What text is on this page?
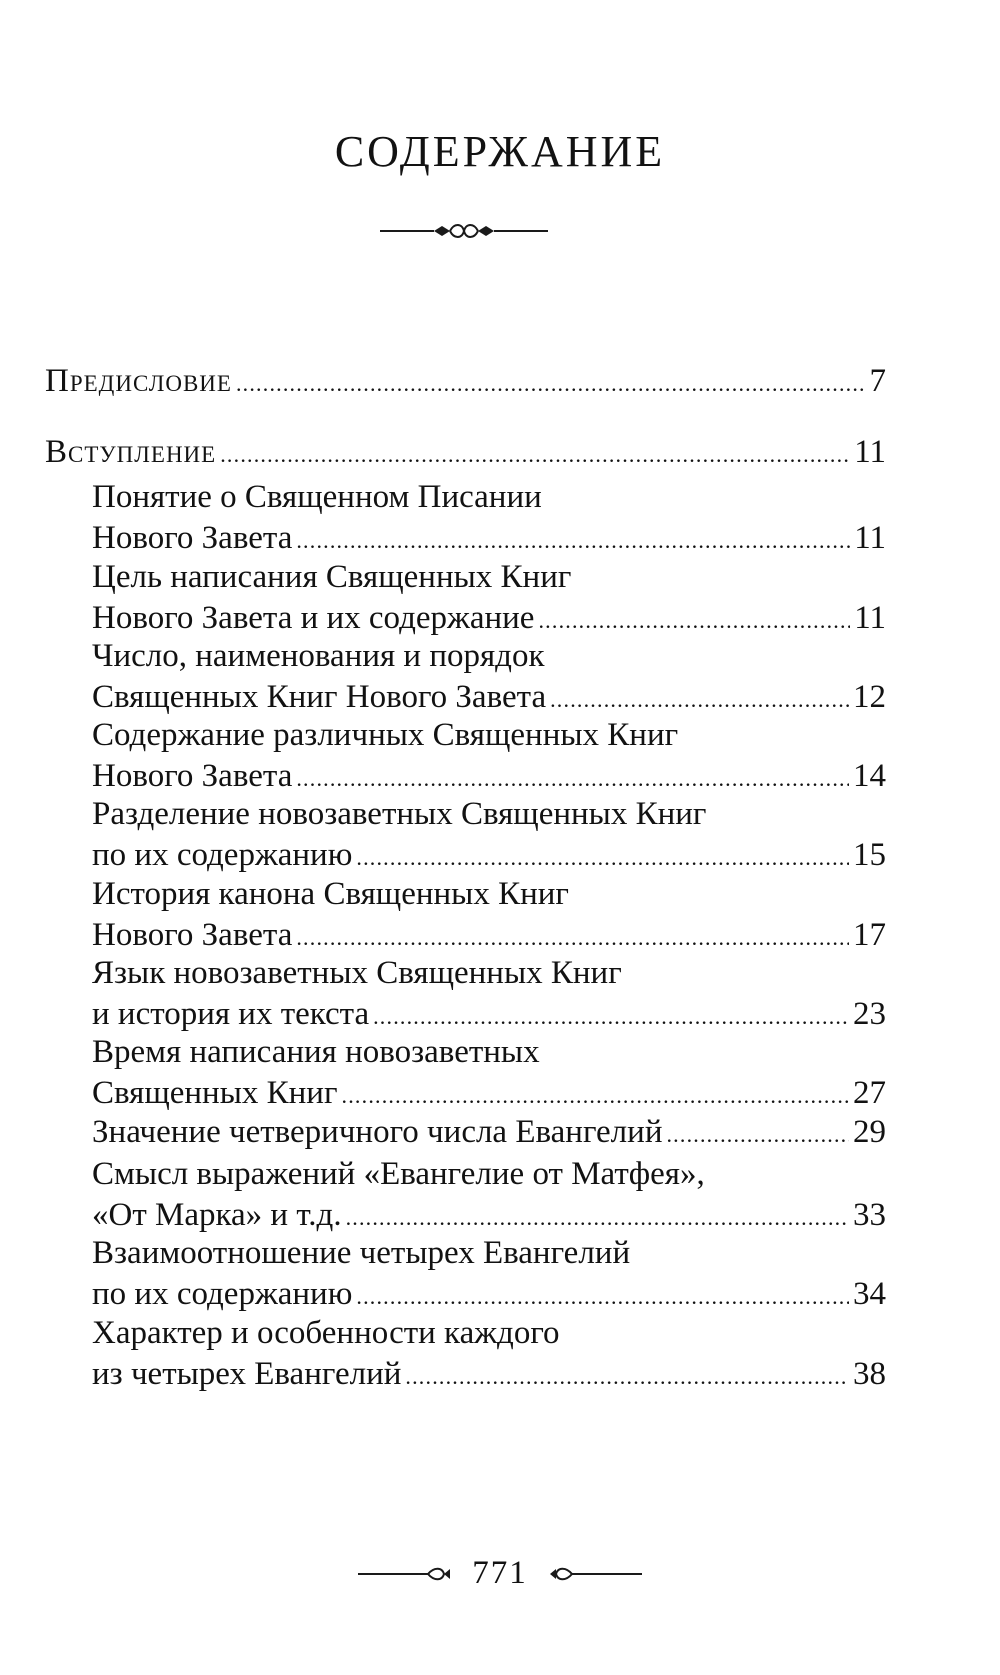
СОДЕРЖАНИЕ
Предисловие .....	7
Вступление .....	11
Понятие о Священном Писании
Нового Завета .....	11
Цель написания Священных Книг
Нового Завета и их содержание .....	11
Число, наименования и порядок
Священных Книг Нового Завета .....	12
Содержание различных Священных Книг
Нового Завета .....	14
Разделение новозаветных Священных Книг
по их содержанию .....	15
История канона Священных Книг
Нового Завета .....	17
Язык новозаветных Священных Книг
и история их текста .....	23
Время написания новозаветных
Священных Книг .....	27
Значение четверичного числа Евангелий .....	29
Смысл выражений «Евангелие от Матфея»,
«От Марка» и т.д. .....	33
Взаимоотношение четырех Евангелий
по их содержанию .....	34
Характер и особенности каждого
из четырех Евангелий .....	38
771
